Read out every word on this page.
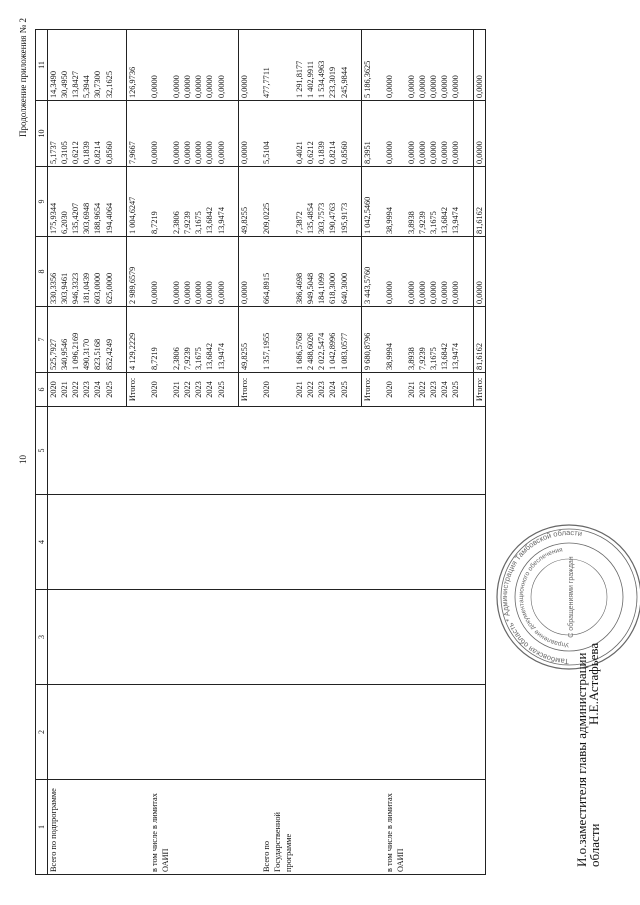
10
Продолжение приложения № 2
1	2	3	4	5	6	7	8	9	10	11
Всего по подпрограмме					2020	525,7927	330,3356	175,9344	5,1737	14,3490
					2021	340,9546	303,9461	6,2030	0,3105	30,4950
					2022	1 096,2169	946,3323	135,4207	0,6212	13,8427
					2023	490,3170	181,0439	303,6948	0,1839	5,3944
					2024	823,5168	603,0000	188,9654	0,8214	30,7300
					2025	852,4249	625,0000	194,4064	0,8560	32,1625

					Итого:	4 129,2229	2 989,6579	1 004,6247	7,9667	126,9736

в том числе в лимитах ОАИП					2020	8,7219	0,0000	8,7219	0,0000	0,0000
					2021	2,3806	0,0000	2,3806	0,0000	0,0000
					2022	7,9239	0,0000	7,9239	0,0000	0,0000
					2023	3,1675	0,0000	3,1675	0,0000	0,0000
					2024	13,6842	0,0000	13,6842	0,0000	0,0000
					2025	13,9474	0,0000	13,9474	0,0000	0,0000

					Итого:	49,8255	0,0000	49,8255	0,0000	0,0000

Всего по Государственной программе					2020	1 357,1955	664,8915	209,0225	5,5104	477,7711
					2021	1 686,5768	386,4698	7,3872	0,4021	1 291,8177
					2022	2 488,6026	949,5048	135,4854	0,6212	1 402,9911
					2023	2 022,5474	184,1099	303,7573	0,1839	1 534,4963
					2024	1 042,8996	618,3000	190,4763	0,8214	233,3019
					2025	1 083,0577	640,3000	195,9173	0,8560	245,9844

					Итого:	9 680,8796	3 443,5760	1 042,5460	8,3951	5 186,3625

в том числе в лимитах ОАИП					2020	38,9994	0,0000	38,9994	0,0000	0,0000
					2021	3,8938	0,0000	3,8938	0,0000	0,0000
					2022	7,9239	0,0000	7,9239	0,0000	0,0000
					2023	3,1675	0,0000	3,1675	0,0000	0,0000
					2024	13,6842	0,0000	13,6842	0,0000	0,0000
					2025	13,9474	0,0000	13,9474	0,0000	0,0000

					Итого:	81,6162	0,0000	81,6162	0,0000	0,0000
И.о.заместителя главы администрации
области
Н.Е.Астафьева
Тамбовская область * Администрация Тамбовской области
Управление документационного обеспечения
С обращениями граждан
